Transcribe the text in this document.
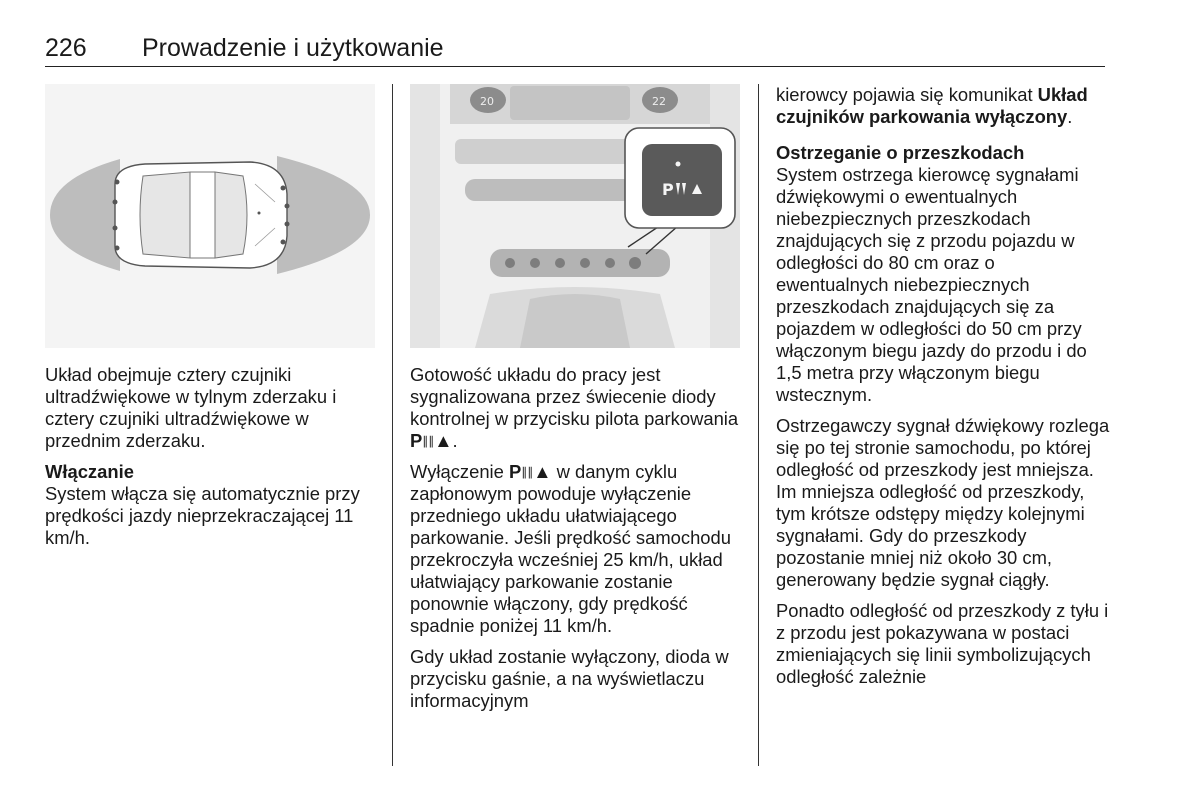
226 Prowadzenie i użytkowanie
20	22
P

Układ obejmuje cztery czujniki ultradźwiękowe w tylnym zderzaku i cztery czujniki ultradźwiękowe w przednim zderzaku.

Włączanie

System włącza się automatycznie przy prędkości jazdy nieprzekraczającej 11 km/h.

Gotowość układu do pracy jest sygnalizowana przez świecenie diody kontrolnej w przycisku pilota parkowania P∥∥▲.

Wyłączenie P∥∥▲ w danym cyklu zapłonowym powoduje wyłączenie przedniego układu ułatwiającego parkowanie. Jeśli prędkość samochodu przekroczyła wcześniej 25 km/h, układ ułatwiający parkowanie zostanie ponownie włączony, gdy prędkość spadnie poniżej 11 km/h.

Gdy układ zostanie wyłączony, dioda w przycisku gaśnie, a na wyświetlaczu informacyjnym

kierowcy pojawia się komunikat Układ czujników parkowania wyłączony.

Ostrzeganie o przeszkodach

System ostrzega kierowcę sygnałami dźwiękowymi o ewentualnych niebezpiecznych przeszkodach znajdujących się z przodu pojazdu w odległości do 80 cm oraz o ewentualnych niebezpiecznych przeszkodach znajdujących się za pojazdem w odległości do 50 cm przy włączonym biegu jazdy do przodu i do 1,5 metra przy włączonym biegu wstecznym.

Ostrzegawczy sygnał dźwiękowy rozlega się po tej stronie samochodu, po której odległość od przeszkody jest mniejsza. Im mniejsza odległość od przeszkody, tym krótsze odstępy między kolejnymi sygnałami. Gdy do przeszkody pozostanie mniej niż około 30 cm, generowany będzie sygnał ciągły.

Ponadto odległość od przeszkody z tyłu i z przodu jest pokazywana w postaci zmieniających się linii symbolizujących odległość zależnie
